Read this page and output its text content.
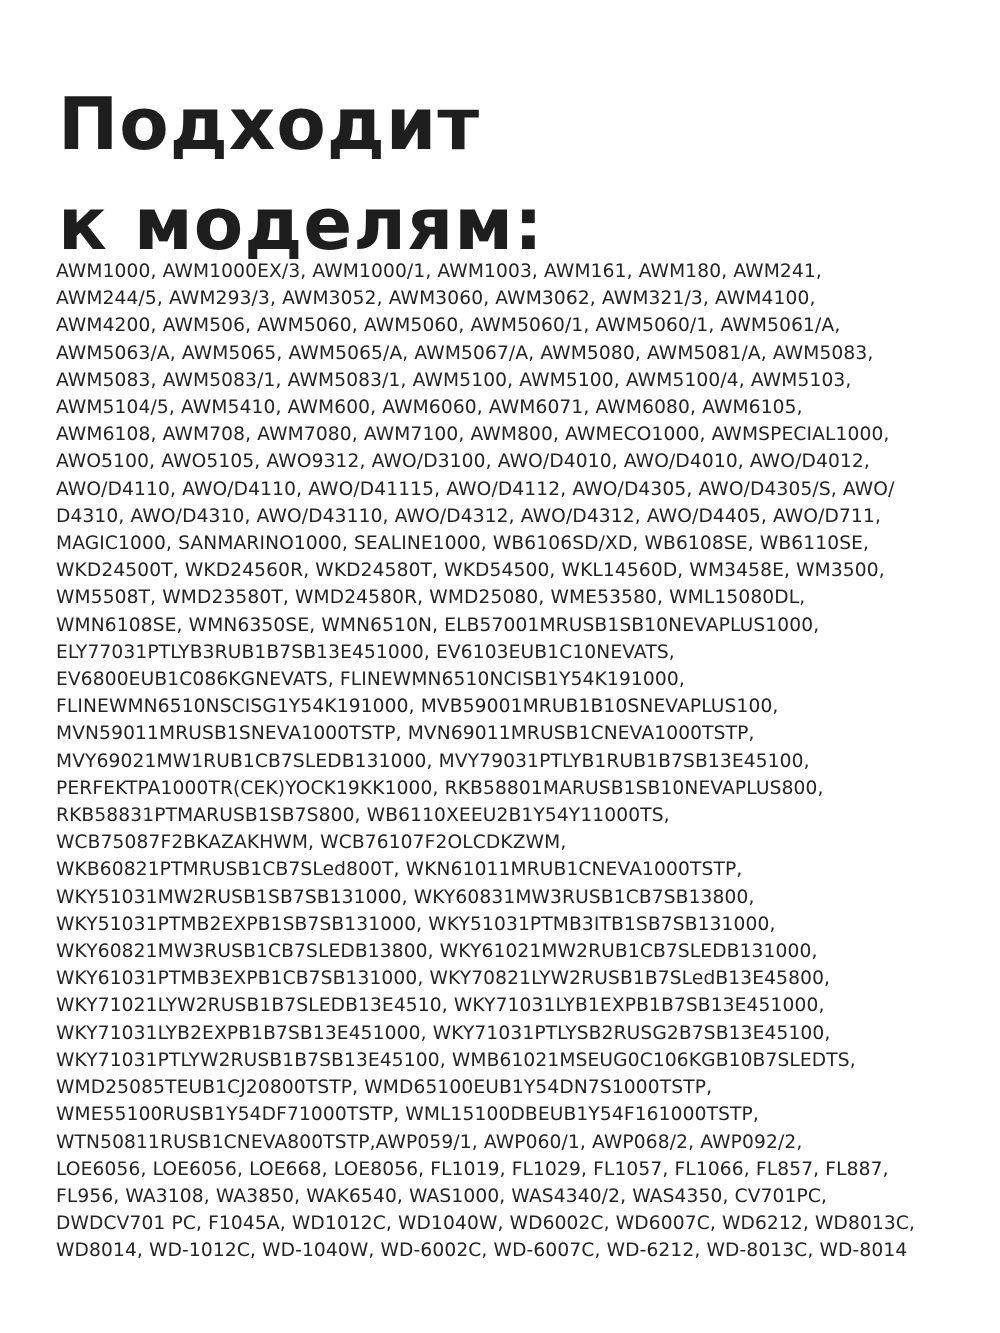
Подходит
к моделям:

AWM1000, AWM1000EX/3, AWM1000/1, AWM1003, AWM161, AWM180, AWM241,
AWM244/5, AWM293/3, AWM3052, AWM3060, AWM3062, AWM321/3, AWM4100,
AWM4200, AWM506, AWM5060, AWM5060, AWM5060/1, AWM5060/1, AWM5061/A,
AWM5063/A, AWM5065, AWM5065/A, AWM5067/A, AWM5080, AWM5081/A, AWM5083,
AWM5083, AWM5083/1, AWM5083/1, AWM5100, AWM5100, AWM5100/4, AWM5103,
AWM5104/5, AWM5410, AWM600, AWM6060, AWM6071, AWM6080, AWM6105,
AWM6108, AWM708, AWM7080, AWM7100, AWM800, AWMECO1000, AWMSPECIAL1000,
AWO5100, AWO5105, AWO9312, AWO/D3100, AWO/D4010, AWO/D4010, AWO/D4012,
AWO/D4110, AWO/D4110, AWO/D41115, AWO/D4112, AWO/D4305, AWO/D4305/S, AWO/
D4310, AWO/D4310, AWO/D43110, AWO/D4312, AWO/D4312, AWO/D4405, AWO/D711,
MAGIC1000, SANMARINO1000, SEALINE1000, WB6106SD/XD, WB6108SE, WB6110SE,
WKD24500T, WKD24560R, WKD24580T, WKD54500, WKL14560D, WM3458E, WM3500,
WM5508T, WMD23580T, WMD24580R, WMD25080, WME53580, WML15080DL,
WMN6108SE, WMN6350SE, WMN6510N, ELB57001MRUSB1SB10NEVAPLUS1000,
ELY77031PTLYB3RUB1B7SB13E451000, EV6103EUB1C10NEVATS,
EV6800EUB1C086KGNEVATS, FLINEWMN6510NCISB1Y54K191000,
FLINEWMN6510NSCISG1Y54K191000, MVB59001MRUB1B10SNEVAPLUS100,
MVN59011MRUSB1SNEVA1000TSTP, MVN69011MRUSB1CNEVA1000TSTP,
MVY69021MW1RUB1CB7SLEDB131000, MVY79031PTLYB1RUB1B7SB13E45100,
PERFEKTPA1000TR(CEK)YOCK19KK1000, RKB58801MARUSB1SB10NEVAPLUS800,
RKB58831PTMARUSB1SB7S800, WB6110XEEU2B1Y54Y11000TS,
WCB75087F2BKAZAKHWM, WCB76107F2OLCDKZWM,
WKB60821PTMRUSB1CB7SLed800T, WKN61011MRUB1CNEVA1000TSTP,
WKY51031MW2RUSB1SB7SB131000, WKY60831MW3RUSB1CB7SB13800,
WKY51031PTMB2EXPB1SB7SB131000, WKY51031PTMB3ITB1SB7SB131000,
WKY60821MW3RUSB1CB7SLEDB13800, WKY61021MW2RUB1CB7SLEDB131000,
WKY61031PTMB3EXPB1CB7SB131000, WKY70821LYW2RUSB1B7SLedB13E45800,
WKY71021LYW2RUSB1B7SLEDB13E4510, WKY71031LYB1EXPB1B7SB13E451000,
WKY71031LYB2EXPB1B7SB13E451000, WKY71031PTLYSB2RUSG2B7SB13E45100,
WKY71031PTLYW2RUSB1B7SB13E45100, WMB61021MSEUG0C106KGB10B7SLEDTS,
WMD25085TEUB1CJ20800TSTP, WMD65100EUB1Y54DN7S1000TSTP,
WME55100RUSB1Y54DF71000TSTP, WML15100DBEUB1Y54F161000TSTP,
WTN50811RUSB1CNEVA800TSTP,AWP059/1, AWP060/1, AWP068/2, AWP092/2,
LOE6056, LOE6056, LOE668, LOE8056, FL1019, FL1029, FL1057, FL1066, FL857, FL887,
FL956, WA3108, WA3850, WAK6540, WAS1000, WAS4340/2, WAS4350, CV701PC,
DWDCV701 PC, F1045A, WD1012C, WD1040W, WD6002C, WD6007C, WD6212, WD8013C,
WD8014, WD-1012C, WD-1040W, WD-6002C, WD-6007C, WD-6212, WD-8013C, WD-8014
